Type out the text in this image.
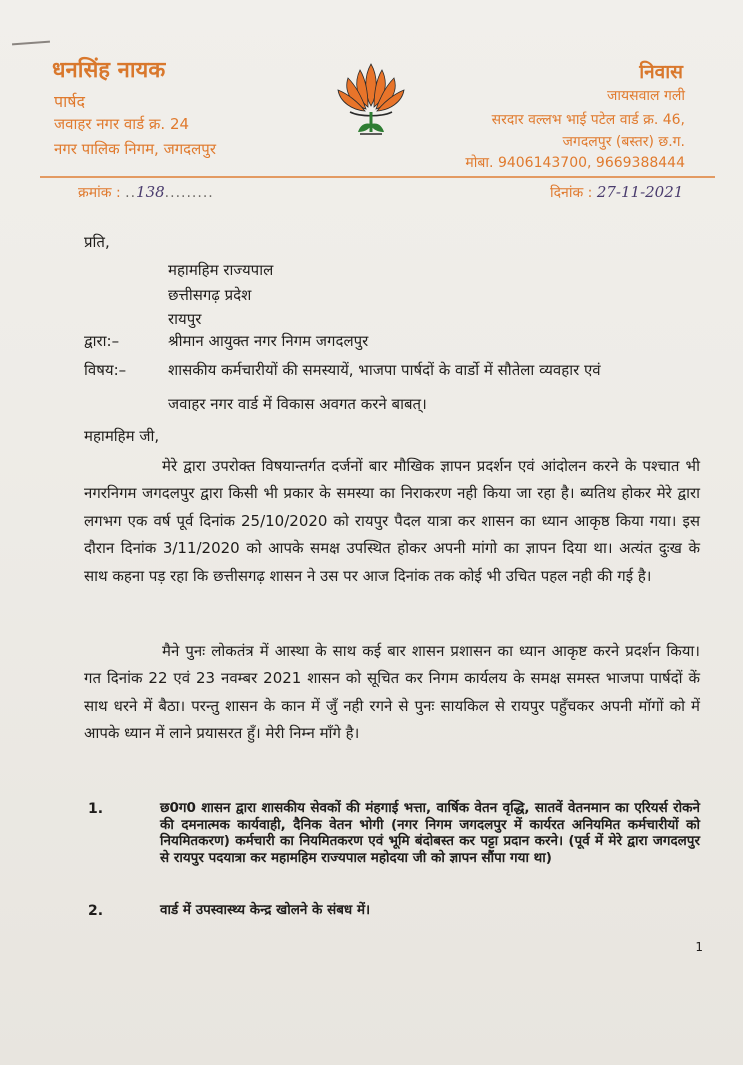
धनसिंह नायक
पार्षद
जवाहर नगर वार्ड क्र. 24
नगर पालिक निगम, जगदलपुर
निवास
जायसवाल गली
सरदार वल्लभ भाई पटेल वार्ड क्र. 46,
जगदलपुर (बस्तर) छ.ग.
मोबा. 9406143700, 9669388444
क्रमांक : ..138.........	दिनांक : 27-11-2021
प्रति,
महामहिम राज्यपाल
छत्तीसगढ़ प्रदेश
रायपुर
द्वारा:–	श्रीमान आयुक्त नगर निगम जगदलपुर
विषय:–	शासकीय कर्मचारीयों की समस्यायें, भाजपा पार्षदों के वार्डो में सौतेला व्यवहार एवं
जवाहर नगर वार्ड में विकास अवगत करने बाबत्।
महामहिम जी,
मेरे द्वारा उपरोक्त विषयान्तर्गत दर्जनों बार मौखिक ज्ञापन प्रदर्शन एवं आंदोलन करने के पश्चात भी नगरनिगम जगदलपुर द्वारा किसी भी प्रकार के समस्या का निराकरण नही किया जा रहा है। ब्यतिथ होकर मेरे द्वारा लगभग एक वर्ष पूर्व दिनांक 25/10/2020 को रायपुर पैदल यात्रा कर शासन का ध्यान आकृष्ठ किया गया। इस दौरान दिनांक 3/11/2020 को आपके समक्ष उपस्थित होकर अपनी मांगो का ज्ञापन दिया था। अत्यंत दुःख के साथ कहना पड़ रहा कि छत्तीसगढ़ शासन ने उस पर आज दिनांक तक कोई भी उचित पहल नही की गई है।
मैने पुनः लोकतंत्र में आस्था के साथ कई बार शासन प्रशासन का ध्यान आकृष्ट करने प्रदर्शन किया। गत दिनांक 22 एवं 23 नवम्बर 2021 शासन को सूचित कर निगम कार्यलय के समक्ष समस्त भाजपा पार्षदों कें साथ धरने में बैठा। परन्तु शासन के कान में जुँ नही रगने से पुनः सायकिल से रायपुर पहुँचकर अपनी मॉगों को में आपके ध्यान में लाने प्रयासरत हुँ। मेरी निम्न मॉंगे है।
1.	छ0ग0 शासन द्वारा शासकीय सेवकों की मंहगाई भत्ता, वार्षिक वेतन वृद्धि, सातवें वेतनमान का एरियर्स रोकने की दमनात्मक कार्यवाही, दैनिक वेतन भोगी (नगर निगम जगदलपुर में कार्यरत अनियमित कर्मचारीयों को नियमितकरण) कर्मचारी का नियमितकरण एवं भूमि बंदोबस्त कर पट्टा प्रदान करने। (पूर्व में मेरे द्वारा जगदलपुर से रायपुर पदयात्रा कर महामहिम राज्यपाल महोदया जी को ज्ञापन सौंपा गया था)
2.	वार्ड में उपस्वास्थ्य केन्द्र खोलने के संबध में।
1
